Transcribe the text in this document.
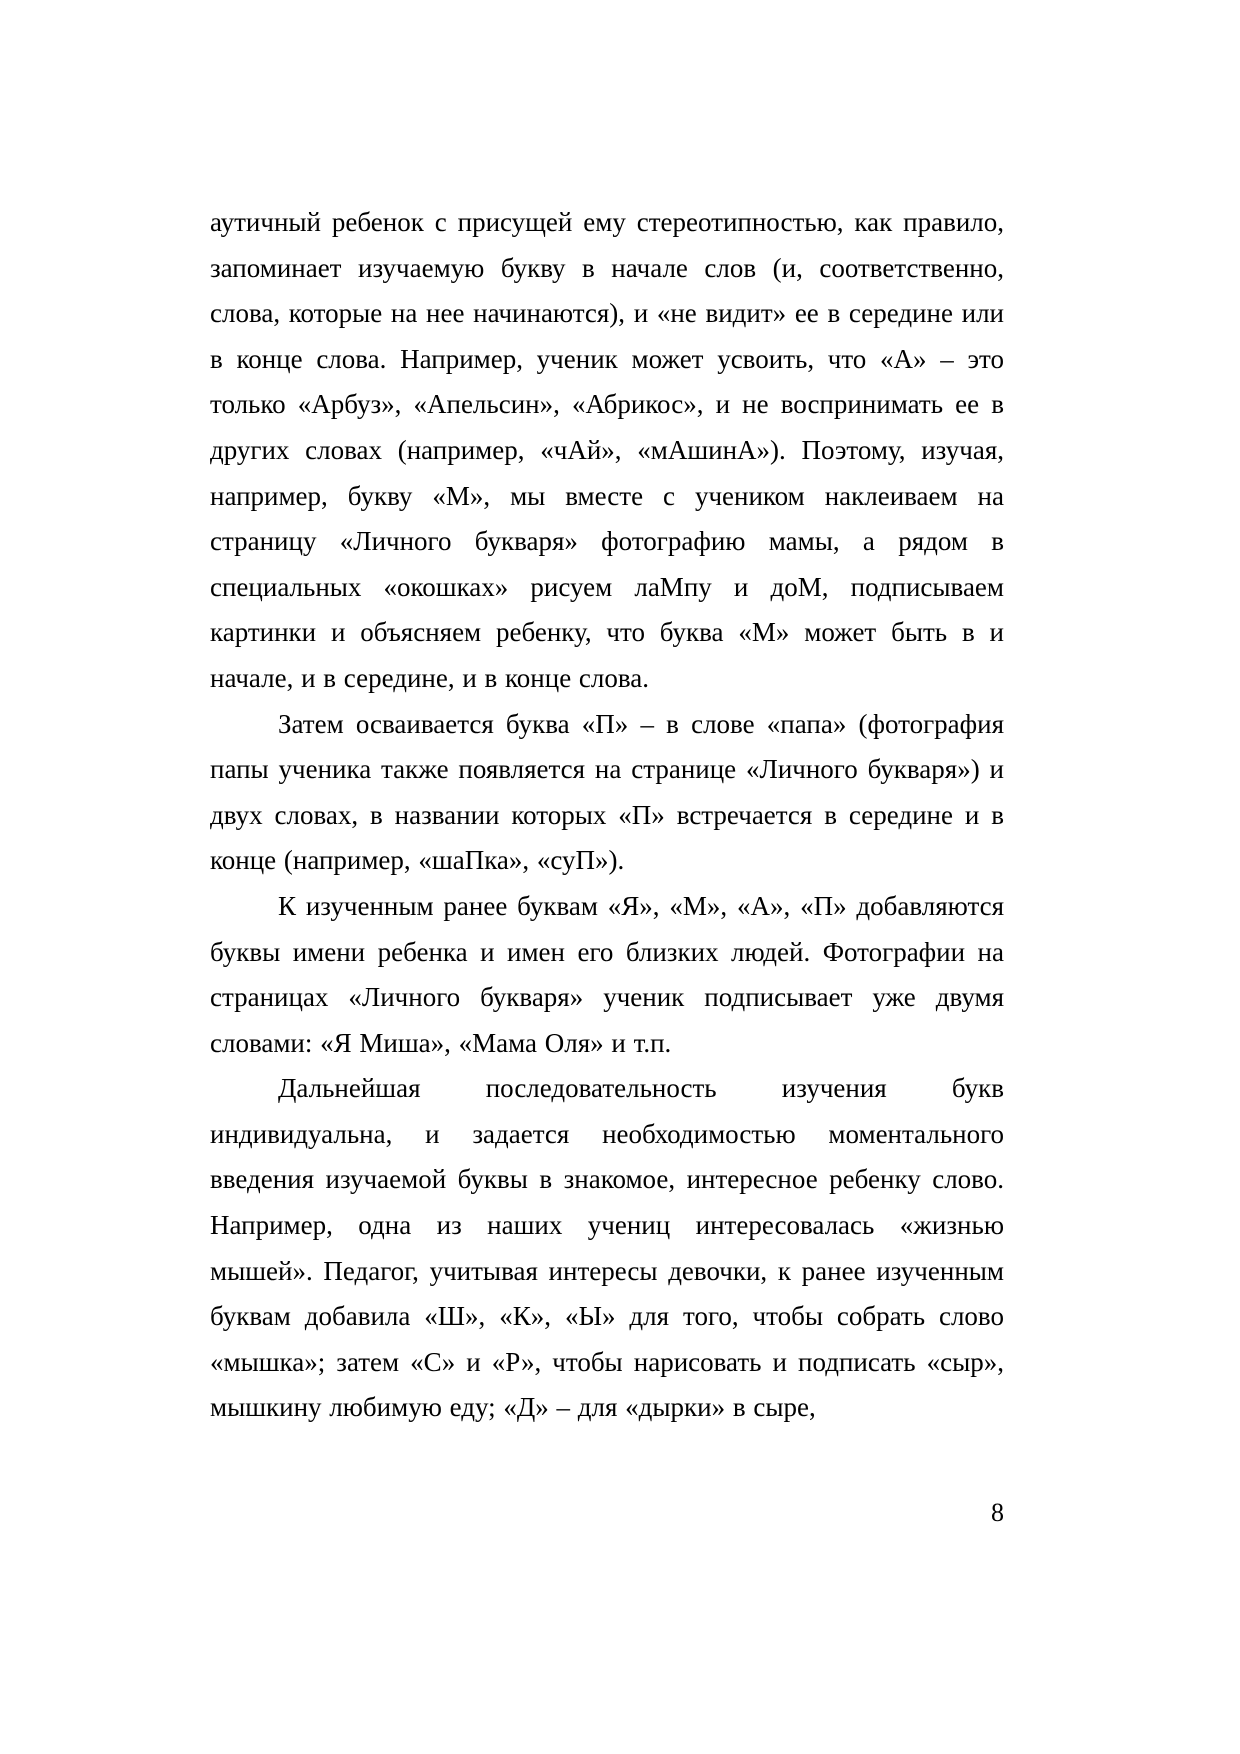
аутичный ребенок с присущей ему стереотипностью, как правило, запоминает изучаемую букву в начале слов (и, соответственно, слова, которые на нее начинаются), и «не видит» ее в середине или в конце слова. Например, ученик может усвоить, что «А» – это только «Арбуз», «Апельсин», «Абрикос», и не воспринимать ее в других словах (например, «чАй», «мАшинА»). Поэтому, изучая, например, букву «М», мы вместе с учеником наклеиваем на страницу «Личного букваря» фотографию мамы, а рядом в специальных «окошках» рисуем лаМпу и доМ, подписываем картинки и объясняем ребенку, что буква «М» может быть в и начале, и в середине, и в конце слова.

Затем осваивается буква «П» – в слове «папа» (фотография папы ученика также появляется на странице «Личного букваря») и двух словах, в названии которых «П» встречается в середине и в конце (например, «шаПка», «суП»).

К изученным ранее буквам «Я», «М», «А», «П» добавляются буквы имени ребенка и имен его близких людей. Фотографии на страницах «Личного букваря» ученик подписывает уже двумя словами: «Я Миша», «Мама Оля» и т.п.

Дальнейшая последовательность изучения букв индивидуальна, и задается необходимостью моментального введения изучаемой буквы в знакомое, интересное ребенку слово. Например, одна из наших учениц интересовалась «жизнью мышей». Педагог, учитывая интересы девочки, к ранее изученным буквам добавила «Ш», «К», «Ы» для того, чтобы собрать слово «мышка»; затем «С» и «Р», чтобы нарисовать и подписать «сыр», мышкину любимую еду; «Д» – для «дырки» в сыре,

8
